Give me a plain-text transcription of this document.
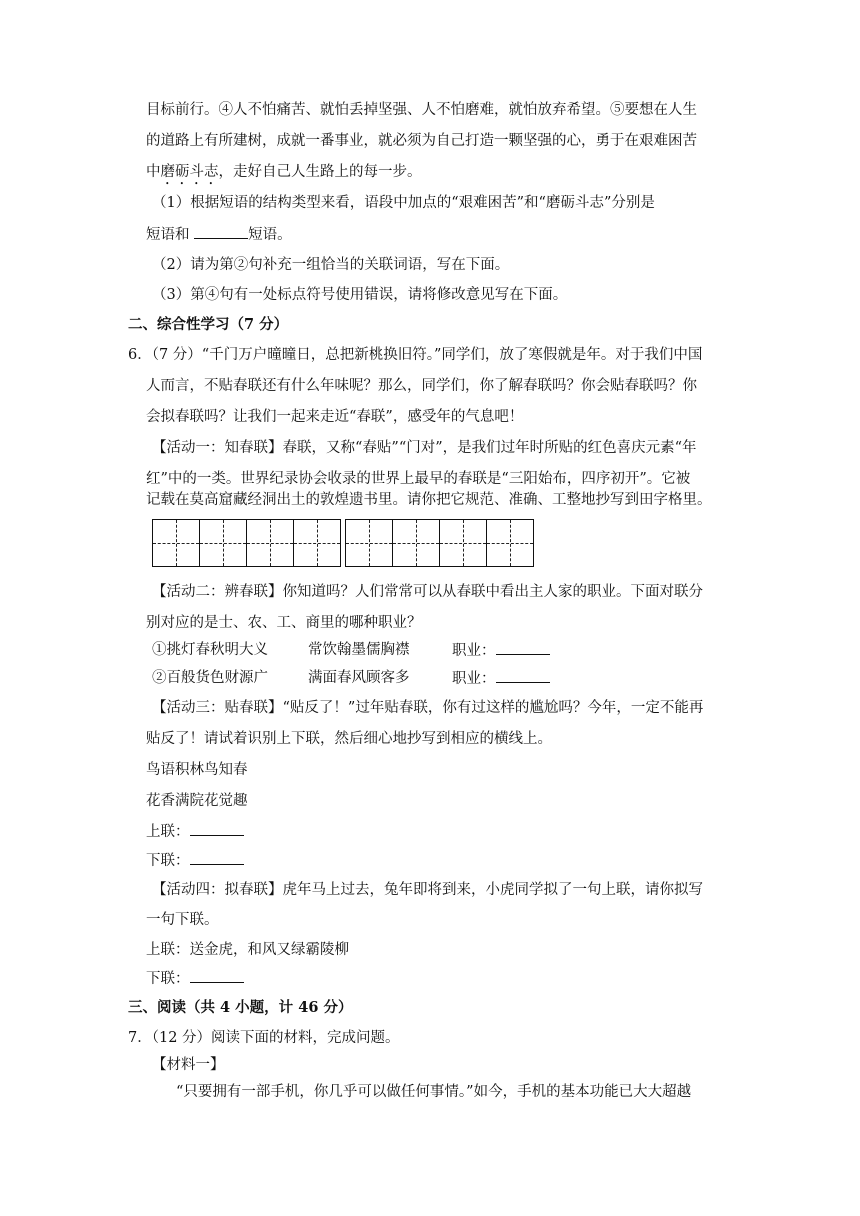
目标前行。④人不怕痛苦、就怕丢掉坚强、人不怕磨难，就怕放弃希望。⑤要想在人生
的道路上有所建树，成就一番事业，就必须为自己打造一颗坚强的心，勇于在艰难困苦
中磨砺斗志，走好自己人生路上的每一步。
（1）根据短语的结构类型来看，语段中加点的“艰难困苦”和“磨砺斗志”分别是
短语和	短语。
（2）请为第②句补充一组恰当的关联词语，写在下面。
（3）第④句有一处标点符号使用错误，请将修改意见写在下面。
二、综合性学习（7 分）
6．（7 分）“千门万户曈曈日，总把新桃换旧符。”同学们，放了寒假就是年。对于我们中国
人而言，不贴春联还有什么年味呢？那么，同学们，你了解春联吗？你会贴春联吗？你
会拟春联吗？让我们一起来走近“春联”，感受年的气息吧！
【活动一：知春联】春联，又称“春贴”“门对”，是我们过年时所贴的红色喜庆元素“年
红”中的一类。世界纪录协会收录的世界上最早的春联是“三阳始布，四序初开”。它被
记载在莫高窟藏经洞出土的敦煌遗书里。请你把它规范、准确、工整地抄写到田字格里。
【活动二：辨春联】你知道吗？人们常常可以从春联中看出主人家的职业。下面对联分
别对应的是士、农、工、商里的哪种职业？
①挑灯春秋明大义	常饮翰墨儒胸襟	职业：
②百般货色财源广	满面春风顾客多	职业：
【活动三：贴春联】“贴反了！”过年贴春联，你有过这样的尴尬吗？今年，一定不能再
贴反了！请试着识别上下联，然后细心地抄写到相应的横线上。
鸟语积林鸟知春
花香满院花觉趣
上联：
下联：
【活动四：拟春联】虎年马上过去，兔年即将到来，小虎同学拟了一句上联，请你拟写
一句下联。
上联：送金虎，和风又绿霸陵柳
下联：
三、阅读（共 4 小题，计 46 分）
7．（12 分）阅读下面的材料，完成问题。
【材料一】
“只要拥有一部手机，你几乎可以做任何事情。”如今，手机的基本功能已大大超越
